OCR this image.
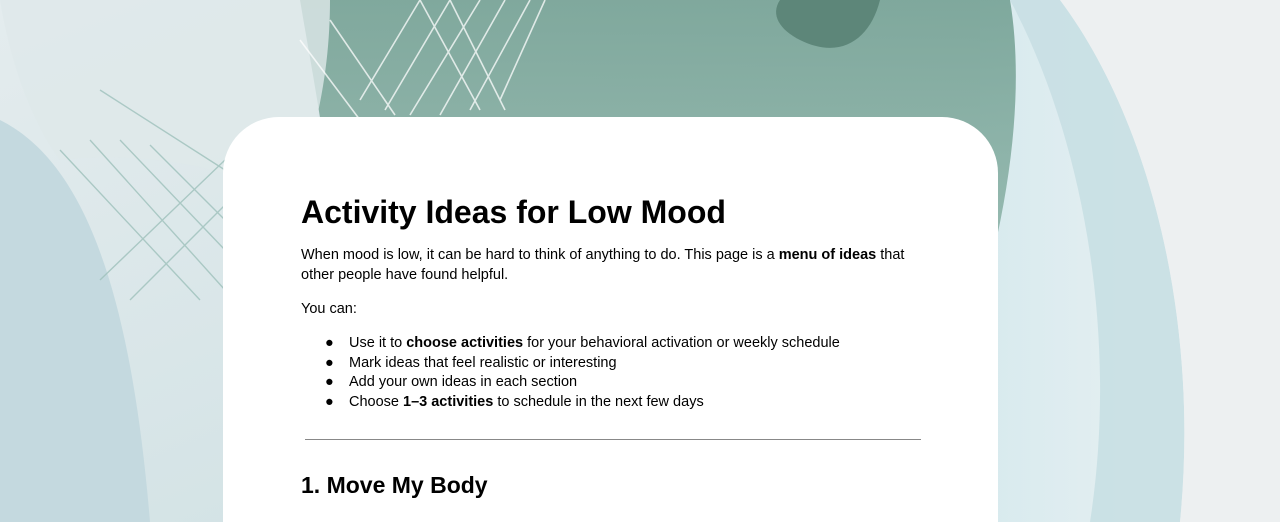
Activity Ideas for Low Mood

When mood is low, it can be hard to think of anything to do. This page is a menu of ideas that other people have found helpful.

You can:

● Use it to choose activities for your behavioral activation or weekly schedule
● Mark ideas that feel realistic or interesting
● Add your own ideas in each section
● Choose 1–3 activities to schedule in the next few days
1. Move My Body
